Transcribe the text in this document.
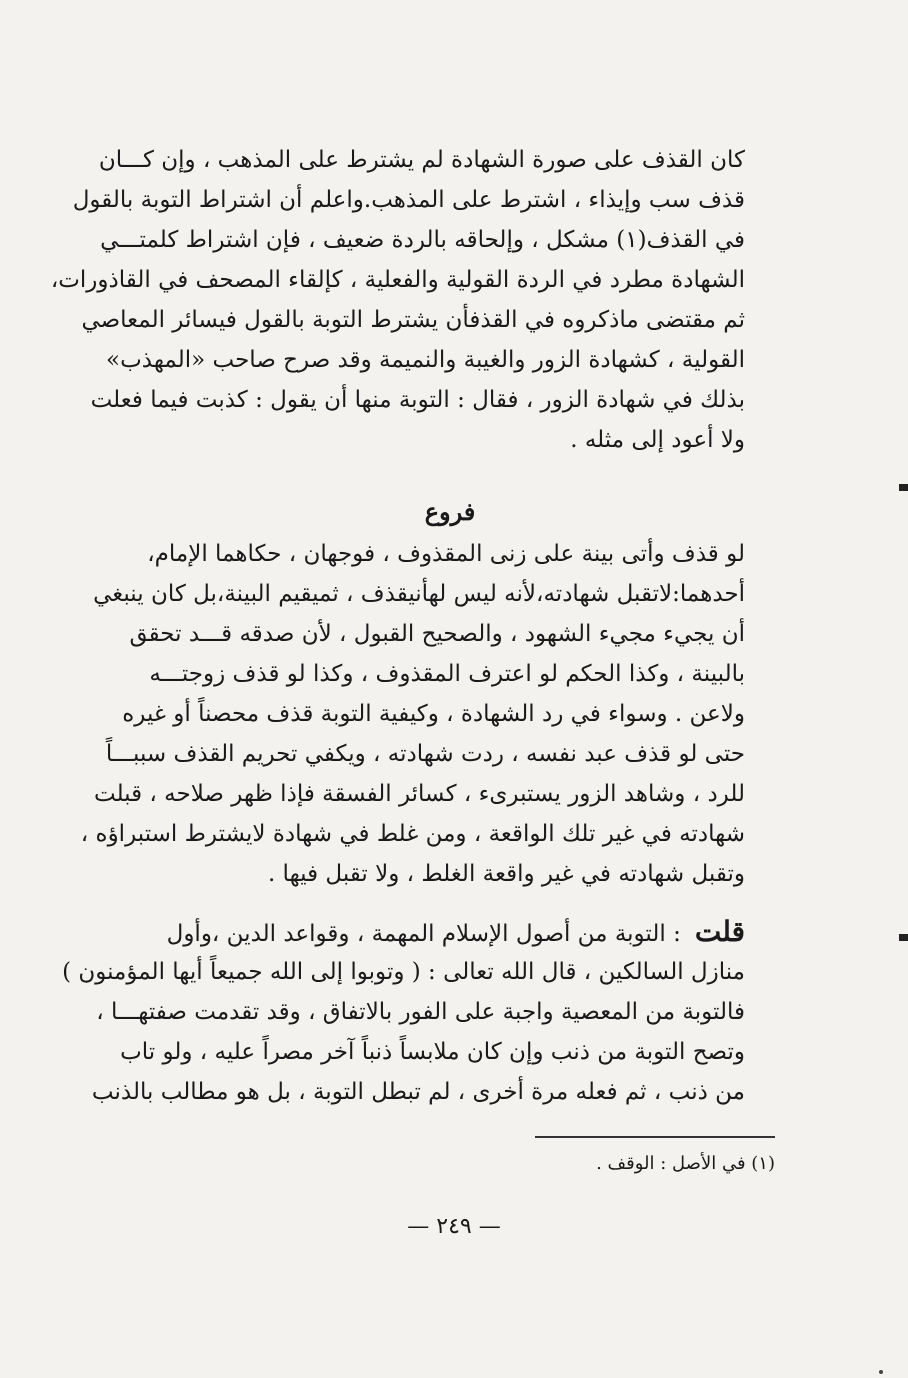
كان القذف على صورة الشهادة لم يشترط على المذهب ، وإن كـــان
قذف سب وإيذاء ، اشترط على المذهب.واعلم أن اشتراط التوبة بالقول
في القذف(١) مشكل ، وإلحاقه بالردة ضعيف ، فإن اشتراط كلمتـــي
الشهادة مطرد في الردة القولية والفعلية ، كإلقاء المصحف في القاذورات،
ثم مقتضى ماذكروه في القذفأن يشترط التوبة بالقول فيسائر المعاصي
القولية ، كشهادة الزور والغيبة والنميمة وقد صرح صاحب «المهذب»
بذلك في شهادة الزور ، فقال : التوبة منها أن يقول : كذبت فيما فعلت
ولا أعود إلى مثله .
فروع
لو قذف وأتى بينة على زنى المقذوف ، فوجهان ، حكاهما الإمام،
أحدهما:لاتقبل شهادته،لأنه ليس لهأنيقذف ، ثميقيم البينة،بل كان ينبغي
أن يجيء مجيء الشهود ، والصحيح القبول ، لأن صدقه قـــد تحقق
بالبينة ، وكذا الحكم لو اعترف المقذوف ، وكذا لو قذف زوجتـــه
ولاعن . وسواء في رد الشهادة ، وكيفية التوبة قذف محصناً أو غيره
حتى لو قذف عبد نفسه ، ردت شهادته ، ويكفي تحريم القذف سببـــاً
للرد ، وشاهد الزور يستبرىء ، كسائر الفسقة فإذا ظهر صلاحه ، قبلت
شهادته في غير تلك الواقعة ، ومن غلط في شهادة لايشترط استبراؤه ،
وتقبل شهادته في غير واقعة الغلط ، ولا تقبل فيها .
قلت: التوبة من أصول الإسلام المهمة ، وقواعد الدين ،وأول
منازل السالكين ، قال الله تعالى : ( وتوبوا إلى الله جميعاً أيها المؤمنون )
فالتوبة من المعصية واجبة على الفور بالاتفاق ، وقد تقدمت صفتهـــا ،
وتصح التوبة من ذنب وإن كان ملابساً ذنباً آخر مصراً عليه ، ولو تاب
من ذنب ، ثم فعله مرة أخرى ، لم تبطل التوبة ، بل هو مطالب بالذنب
(١) في الأصل : الوقف .
— ٢٤٩ —
